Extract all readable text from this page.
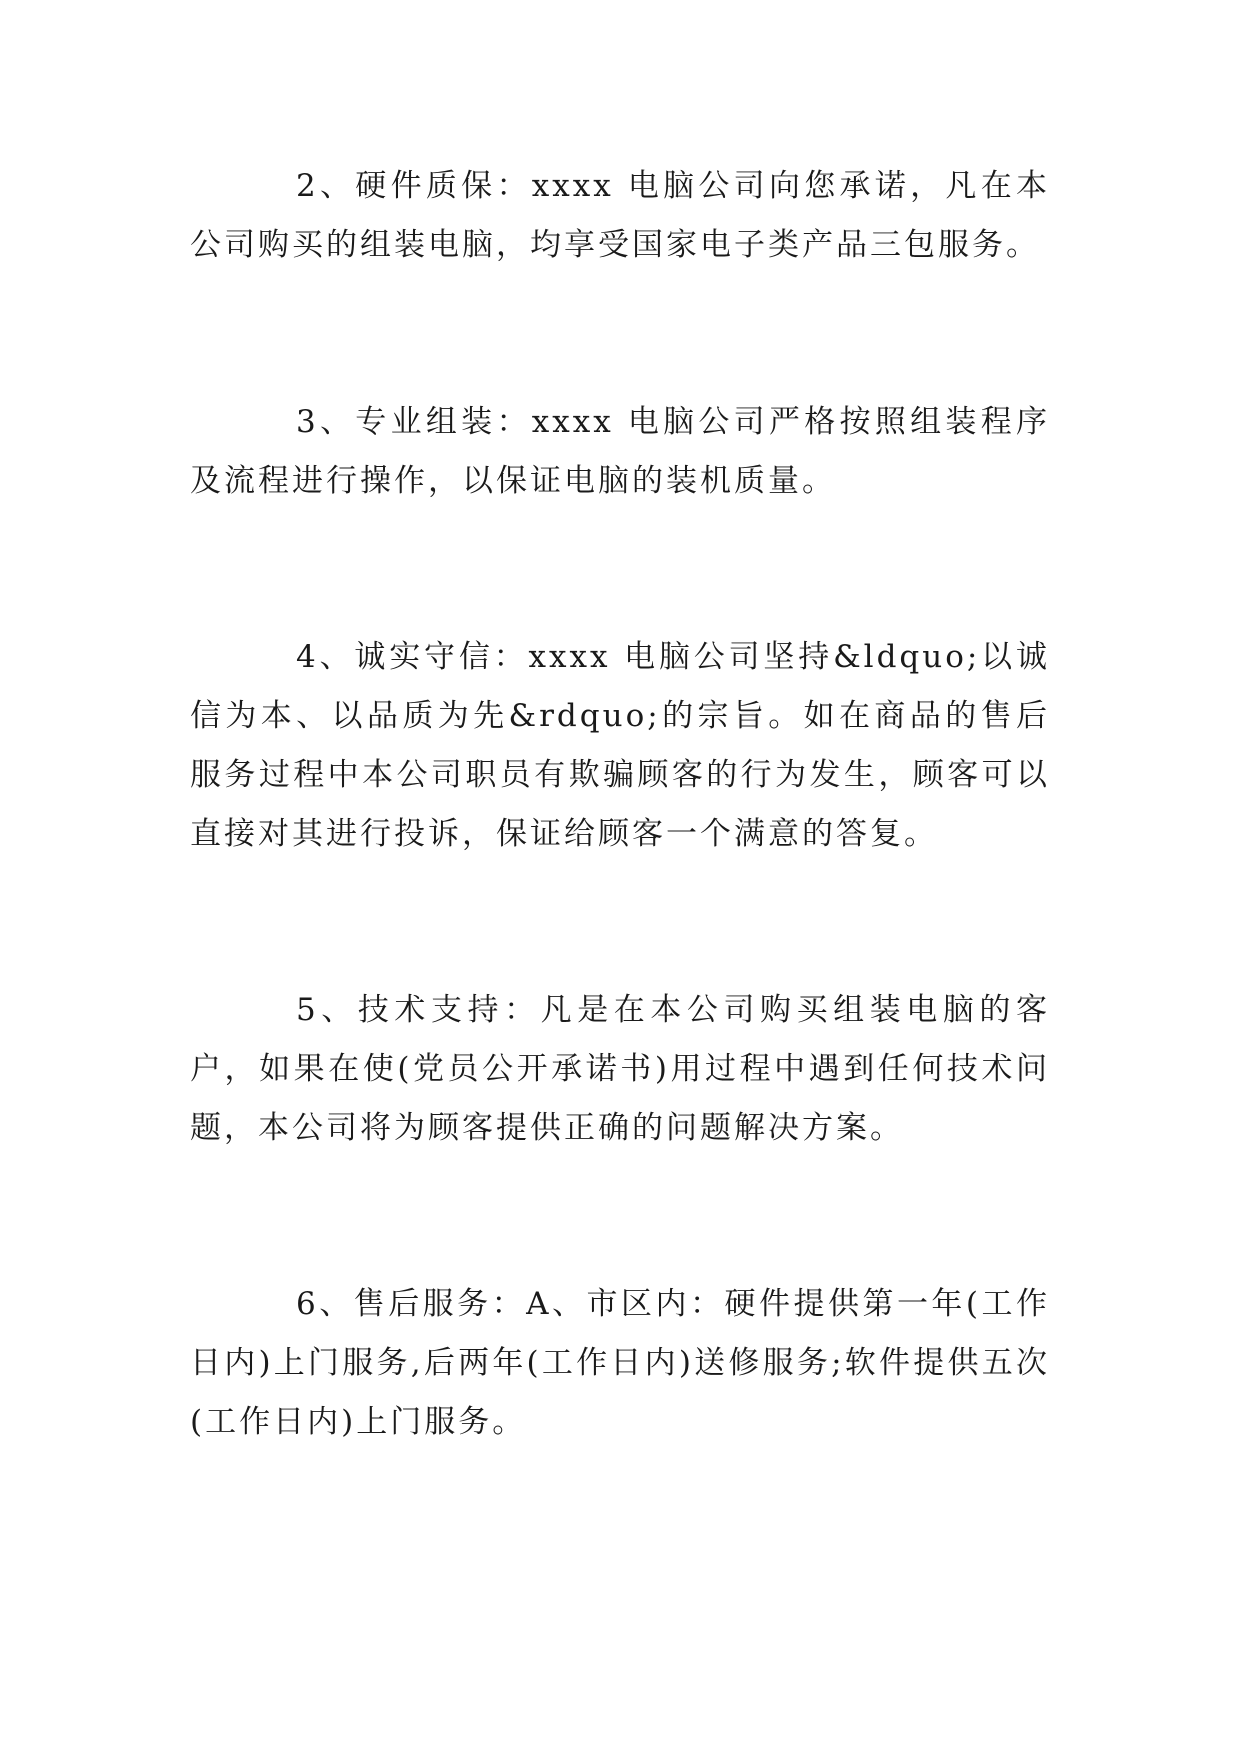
2、硬件质保：xxxx 电脑公司向您承诺，凡在本公司购买的组装电脑，均享受国家电子类产品三包服务。

3、专业组装：xxxx 电脑公司严格按照组装程序及流程进行操作，以保证电脑的装机质量。

4、诚实守信：xxxx 电脑公司坚持&ldquo;以诚信为本、以品质为先&rdquo;的宗旨。如在商品的售后服务过程中本公司职员有欺骗顾客的行为发生，顾客可以直接对其进行投诉，保证给顾客一个满意的答复。

5、技术支持：凡是在本公司购买组装电脑的客户，如果在使(党员公开承诺书)用过程中遇到任何技术问题，本公司将为顾客提供正确的问题解决方案。

6、售后服务：A、市区内：硬件提供第一年(工作日内)上门服务,后两年(工作日内)送修服务;软件提供五次(工作日内)上门服务。
